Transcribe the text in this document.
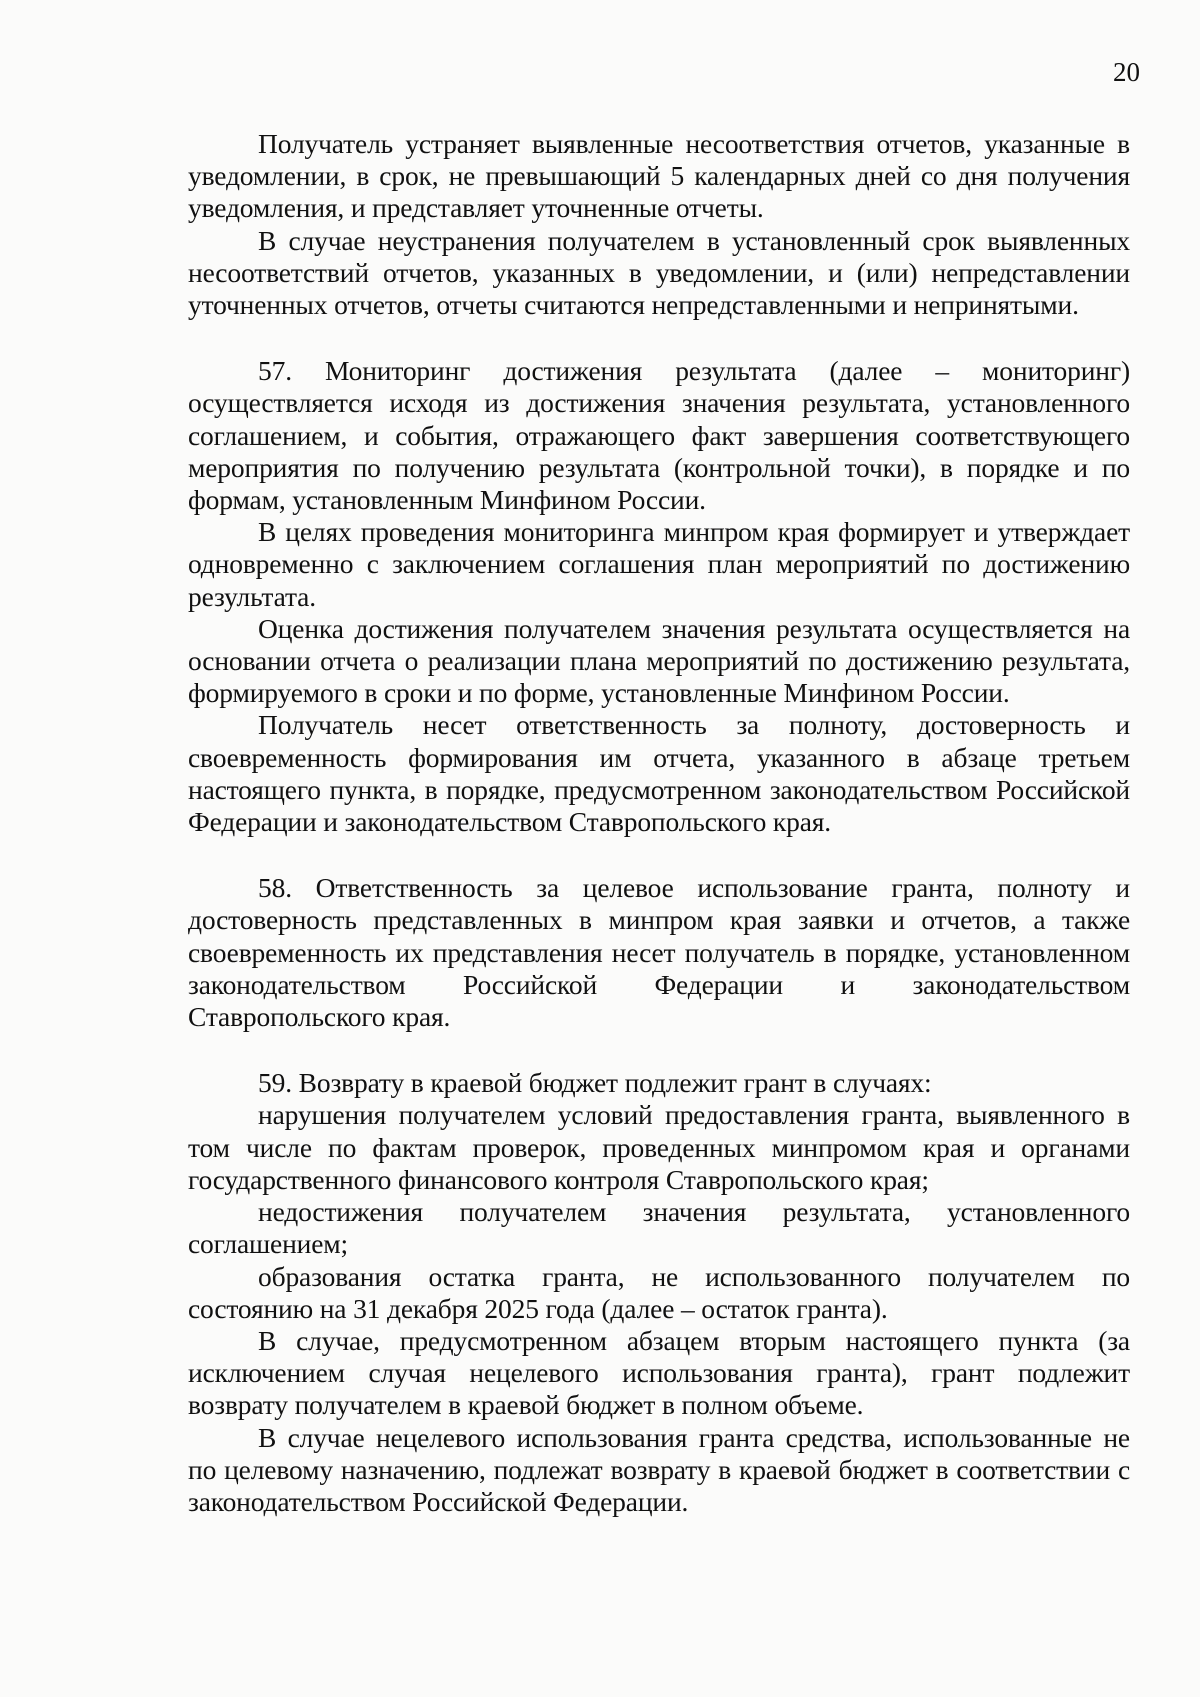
20

Получатель устраняет выявленные несоответствия отчетов, указанные в уведомлении, в срок, не превышающий 5 календарных дней со дня получения уведомления, и представляет уточненные отчеты.

В случае неустранения получателем в установленный срок выявленных несоответствий отчетов, указанных в уведомлении, и (или) непредставлении уточненных отчетов, отчеты считаются непредставленными и непринятыми.

57. Мониторинг достижения результата (далее – мониторинг) осуществляется исходя из достижения значения результата, установленного соглашением, и события, отражающего факт завершения соответствующего мероприятия по получению результата (контрольной точки), в порядке и по формам, установленным Минфином России.

В целях проведения мониторинга минпром края формирует и утверждает одновременно с заключением соглашения план мероприятий по достижению результата.

Оценка достижения получателем значения результата осуществляется на основании отчета о реализации плана мероприятий по достижению результата, формируемого в сроки и по форме, установленные Минфином России.

Получатель несет ответственность за полноту, достоверность и своевременность формирования им отчета, указанного в абзаце третьем настоящего пункта, в порядке, предусмотренном законодательством Российской Федерации и законодательством Ставропольского края.

58. Ответственность за целевое использование гранта, полноту и достоверность представленных в минпром края заявки и отчетов, а также своевременность их представления несет получатель в порядке, установленном законодательством Российской Федерации и законодательством Ставропольского края.

59. Возврату в краевой бюджет подлежит грант в случаях:

нарушения получателем условий предоставления гранта, выявленного в том числе по фактам проверок, проведенных минпромом края и органами государственного финансового контроля Ставропольского края;

недостижения получателем значения результата, установленного соглашением;

образования остатка гранта, не использованного получателем по состоянию на 31 декабря 2025 года (далее – остаток гранта).

В случае, предусмотренном абзацем вторым настоящего пункта (за исключением случая нецелевого использования гранта), грант подлежит возврату получателем в краевой бюджет в полном объеме.

В случае нецелевого использования гранта средства, использованные не по целевому назначению, подлежат возврату в краевой бюджет в соответствии с законодательством Российской Федерации.
